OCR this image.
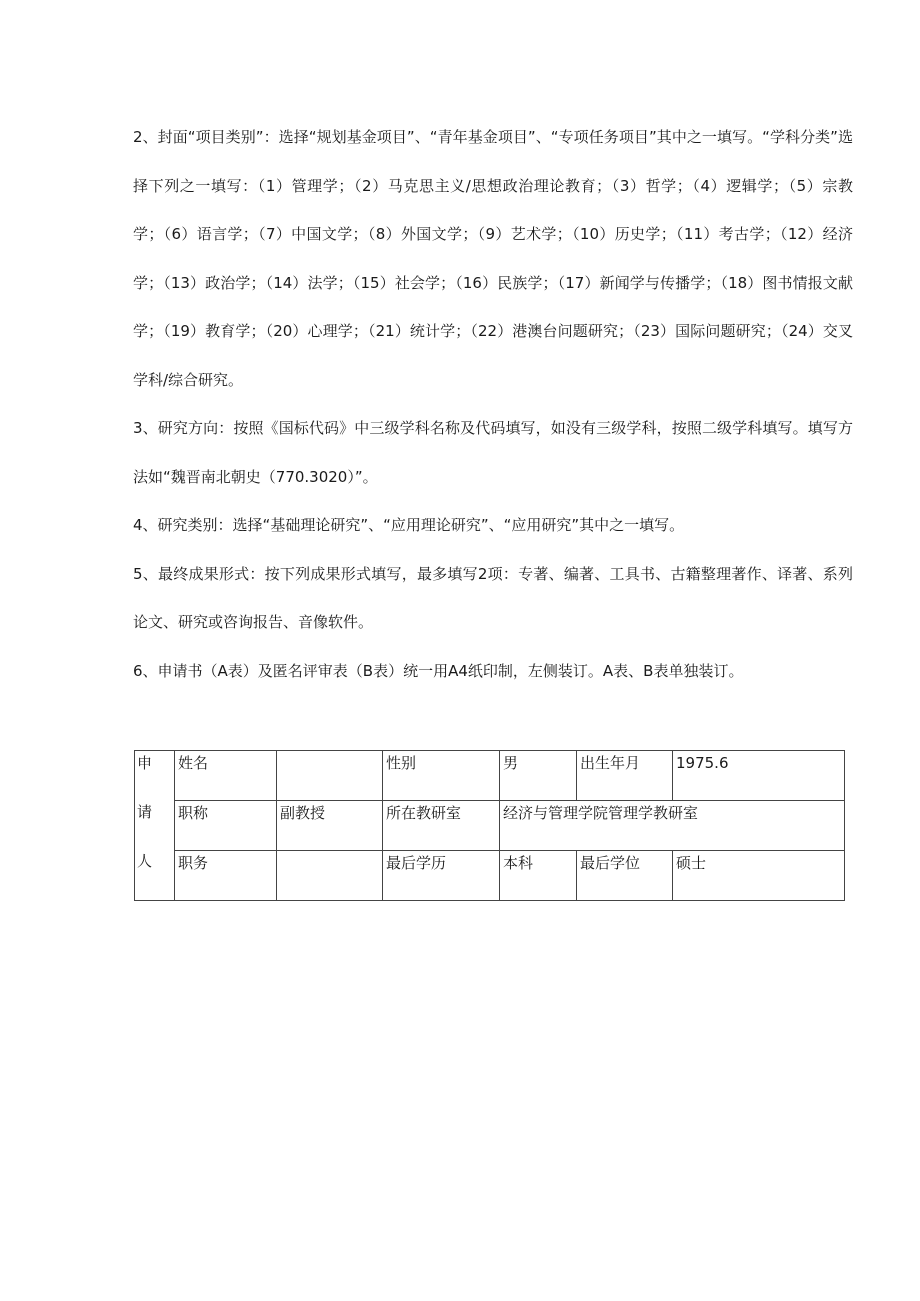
2、封面“项目类别”：选择“规划基金项目”、“青年基金项目”、“专项任务项目”其中之一填写。“学科分类”选择下列之一填写：（1）管理学；（2）马克思主义/思想政治理论教育；（3）哲学；（4）逻辑学；（5）宗教学；（6）语言学；（7）中国文学；（8）外国文学；（9）艺术学；（10）历史学；（11）考古学；（12）经济学；（13）政治学；（14）法学；（15）社会学；（16）民族学；（17）新闻学与传播学；（18）图书情报文献学；（19）教育学；（20）心理学；（21）统计学；（22）港澳台问题研究；（23）国际问题研究；（24）交叉学科/综合研究。

3、研究方向：按照《国标代码》中三级学科名称及代码填写，如没有三级学科，按照二级学科填写。填写方法如“魏晋南北朝史（770.3020）”。

4、研究类别：选择“基础理论研究”、“应用理论研究”、“应用研究”其中之一填写。

5、最终成果形式：按下列成果形式填写，最多填写2项：专著、编著、工具书、古籍整理著作、译著、系列论文、研究或咨询报告、音像软件。

6、申请书（A表）及匿名评审表（B表）统一用A4纸印制，左侧装订。A表、B表单独装订。

申
请
人	姓名		性别	男	出生年月	1975.6
	职称	副教授	所在教研室	经济与管理学院管理学教研室		
	职务		最后学历	本科	最后学位	硕士
